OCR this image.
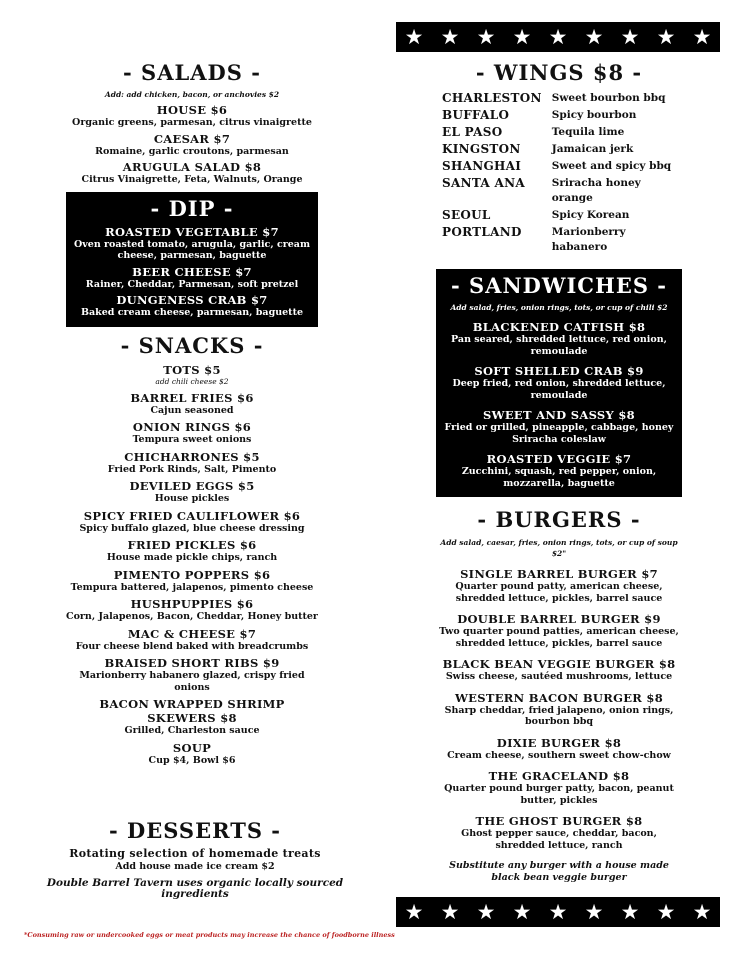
★ ★ ★ ★ ★ ★ ★ ★ ★
★ ★ ★ ★ ★ ★ ★ ★ ★
- SALADS -
Add: add chicken, bacon, or anchovies $2
HOUSE $6
Organic greens, parmesan, citrus vinaigrette
CAESAR $7
Romaine, garlic croutons, parmesan
ARUGULA SALAD $8
Citrus Vinaigrette, Feta, Walnuts, Orange
- DIP -
ROASTED VEGETABLE $7
Oven roasted tomato, arugula, garlic, cream cheese, parmesan, baguette
BEER CHEESE $7
Rainer, Cheddar, Parmesan, soft pretzel
DUNGENESS CRAB $7
Baked cream cheese, parmesan, baguette
- SNACKS -
TOTS $5
add chili cheese $2
BARREL FRIES $6
Cajun seasoned
ONION RINGS $6
Tempura sweet onions
CHICHARRONES $5
Fried Pork Rinds, Salt, Pimento
DEVILED EGGS $5
House pickles
SPICY FRIED CAULIFLOWER $6
Spicy buffalo glazed, blue cheese dressing
FRIED PICKLES $6
House made pickle chips, ranch
PIMENTO POPPERS $6
Tempura battered, jalapenos, pimento cheese
HUSHPUPPIES $6
Corn, Jalapenos, Bacon, Cheddar, Honey butter
MAC & CHEESE $7
Four cheese blend baked with breadcrumbs
BRAISED SHORT RIBS $9
Marionberry habanero glazed, crispy fried onions
BACON WRAPPED SHRIMP SKEWERS $8
Grilled, Charleston sauce
SOUP
Cup $4, Bowl $6
- DESSERTS -
Rotating selection of homemade treats
Add house made ice cream $2
Double Barrel Tavern uses organic locally sourced ingredients
- WINGS $8 -
CHARLESTON	Sweet bourbon bbq
BUFFALO	Spicy bourbon
EL PASO	Tequila lime
KINGSTON	Jamaican jerk
SHANGHAI	Sweet and spicy bbq
SANTA ANA	Sriracha honey orange
SEOUL	Spicy Korean
PORTLAND	Marionberry habanero
- SANDWICHES -
Add salad, fries, onion rings, tots, or cup of chili $2
BLACKENED CATFISH $8
Pan seared, shredded lettuce, red onion, remoulade
SOFT SHELLED CRAB $9
Deep fried, red onion, shredded lettuce, remoulade
SWEET AND SASSY $8
Fried or grilled, pineapple, cabbage, honey Sriracha coleslaw
ROASTED VEGGIE $7
Zucchini, squash, red pepper, onion, mozzarella, baguette
- BURGERS -
Add salad, caesar, fries, onion rings, tots, or cup of soup $2"
SINGLE BARREL BURGER $7
Quarter pound patty, american cheese, shredded lettuce, pickles, barrel sauce
DOUBLE BARREL BURGER $9
Two quarter pound patties, american cheese, shredded lettuce, pickles, barrel sauce
BLACK BEAN VEGGIE BURGER $8
Swiss cheese, sautéed mushrooms, lettuce
WESTERN BACON BURGER $8
Sharp cheddar, fried jalapeno, onion rings, bourbon bbq
DIXIE BURGER $8
Cream cheese, southern sweet chow-chow
THE GRACELAND $8
Quarter pound burger patty, bacon, peanut butter, pickles
THE GHOST BURGER $8
Ghost pepper sauce, cheddar, bacon, shredded lettuce, ranch
Substitute any burger with a house made black bean veggie burger
*Consuming raw or undercooked eggs or meat products may increase the chance of foodborne illness
